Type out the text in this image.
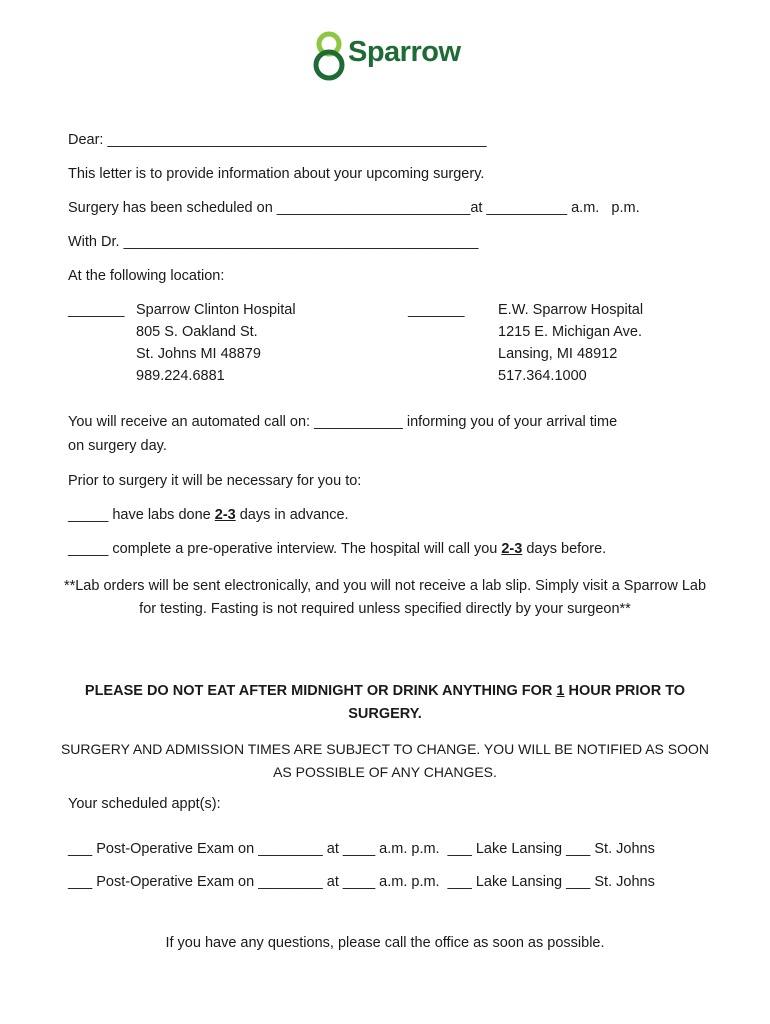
Sparrow
Dear: _______________________________________________
This letter is to provide information about your upcoming surgery.
Surgery has been scheduled on ________________________at __________ a.m.   p.m.
With Dr. ____________________________________________
At the following location:
_______ Sparrow Clinton Hospital
805 S. Oakland St.
St. Johns MI 48879
989.224.6881
_______ E.W. Sparrow Hospital
1215 E. Michigan Ave.
Lansing, MI 48912
517.364.1000
You will receive an automated call on: ___________ informing you of your arrival time
on surgery day.
Prior to surgery it will be necessary for you to:
_____ have labs done 2-3 days in advance.
_____ complete a pre-operative interview. The hospital will call you 2-3 days before.
**Lab orders will be sent electronically, and you will not receive a lab slip. Simply visit a Sparrow Lab for testing. Fasting is not required unless specified directly by your surgeon**
PLEASE DO NOT EAT AFTER MIDNIGHT OR DRINK ANYTHING FOR 1 HOUR PRIOR TO SURGERY.
SURGERY AND ADMISSION TIMES ARE SUBJECT TO CHANGE. YOU WILL BE NOTIFIED AS SOON AS POSSIBLE OF ANY CHANGES.
Your scheduled appt(s):
___ Post-Operative Exam on ________ at ____ a.m. p.m.  ___ Lake Lansing ___ St. Johns
___ Post-Operative Exam on ________ at ____ a.m. p.m.  ___ Lake Lansing ___ St. Johns
If you have any questions, please call the office as soon as possible.
